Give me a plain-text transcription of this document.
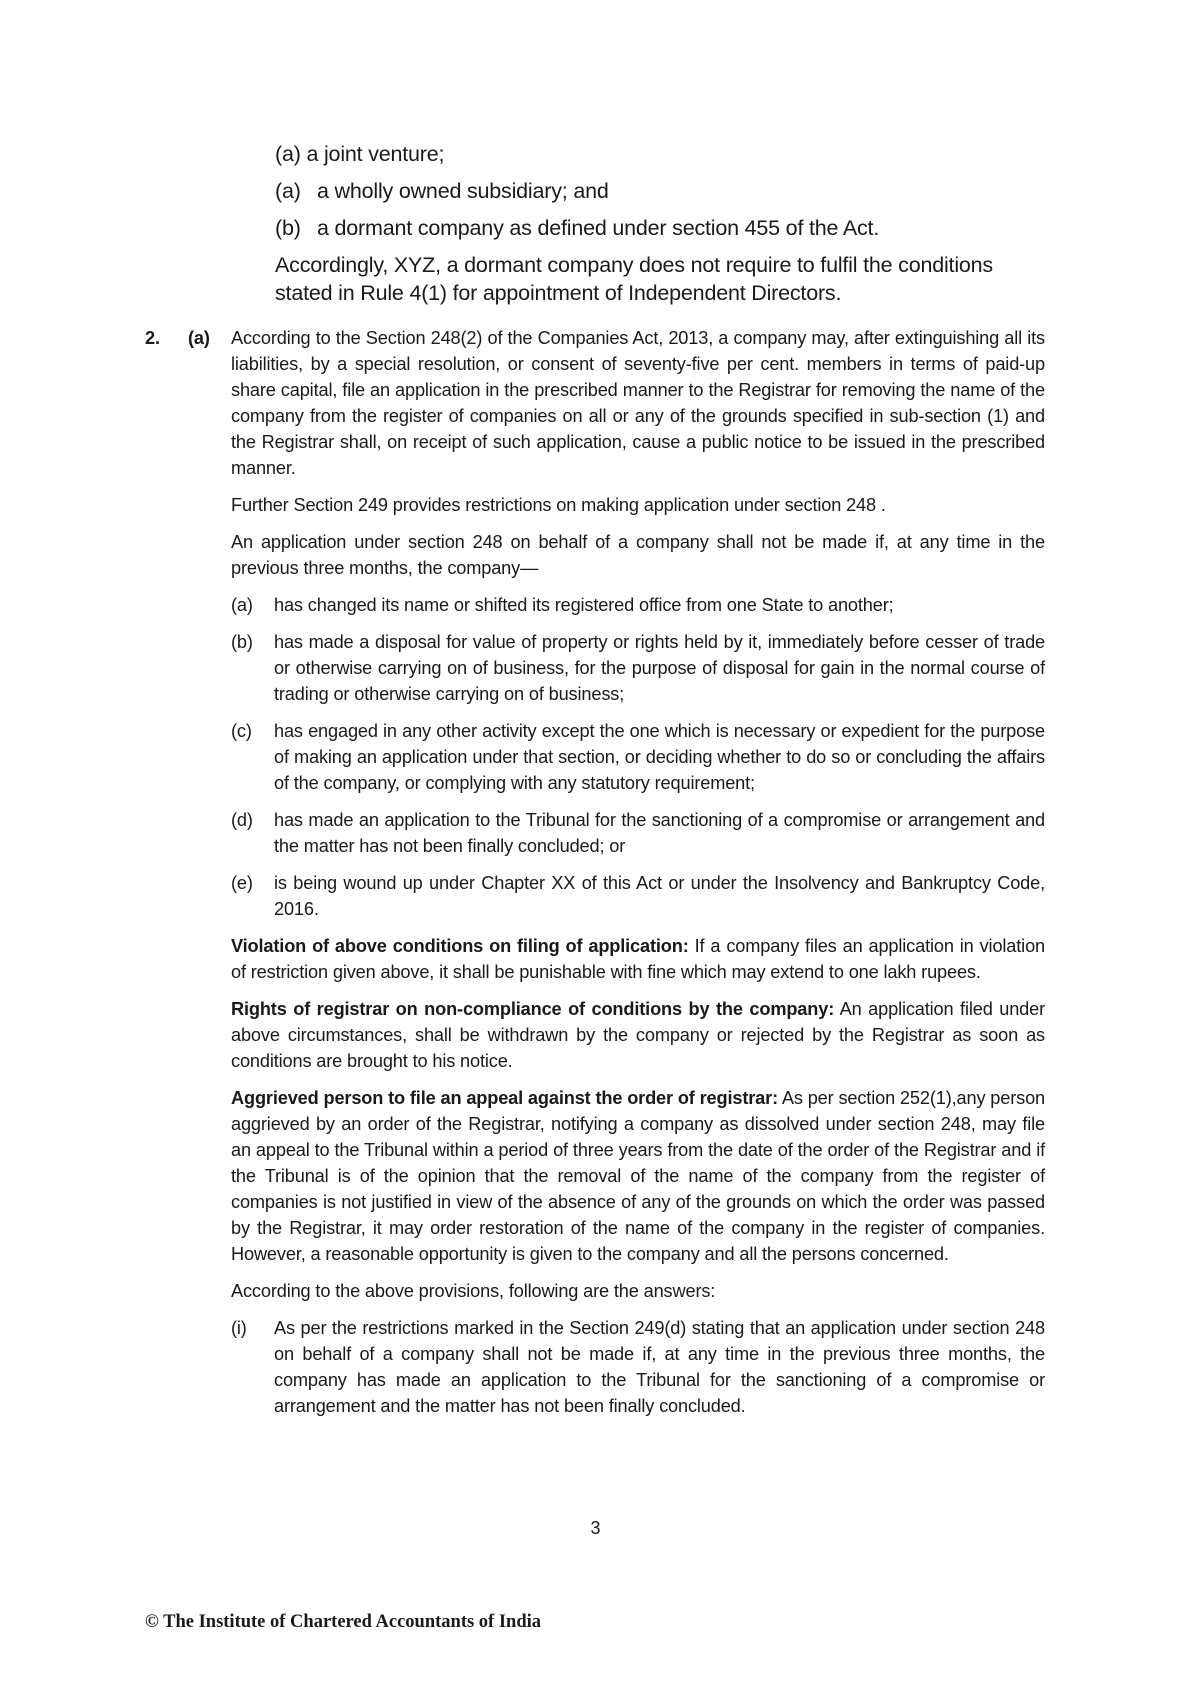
(a) a joint venture;

(a) a wholly owned subsidiary; and
(b) a dormant company as defined under section 455 of the Act.

Accordingly, XYZ, a dormant company does not require to fulfil the conditions stated in Rule 4(1) for appointment of Independent Directors.

2.	(a)	According to the Section 248(2) of the Companies Act, 2013, a company may, after extinguishing all its liabilities, by a special resolution, or consent of seventy-five per cent. members in terms of paid-up share capital, file an application in the prescribed manner to the Registrar for removing the name of the company from the register of companies on all or any of the grounds specified in sub-section (1) and the Registrar shall, on receipt of such application, cause a public notice to be issued in the prescribed manner.

Further Section 249 provides restrictions on making application under section 248 .

An application under section 248 on behalf of a company shall not be made if, at any time in the previous three months, the company—

(a)	has changed its name or shifted its registered office from one State to another;
(b)	has made a disposal for value of property or rights held by it, immediately before cesser of trade or otherwise carrying on of business, for the purpose of disposal for gain in the normal course of trading or otherwise carrying on of business;
(c)	has engaged in any other activity except the one which is necessary or expedient for the purpose of making an application under that section, or deciding whether to do so or concluding the affairs of the company, or complying with any statutory requirement;
(d)	has made an application to the Tribunal for the sanctioning of a compromise or arrangement and the matter has not been finally concluded; or
(e)	is being wound up under Chapter XX of this Act or under the Insolvency and Bankruptcy Code, 2016.

Violation of above conditions on filing of application: If a company files an application in violation of restriction given above, it shall be punishable with fine which may extend to one lakh rupees.

Rights of registrar on non-compliance of conditions by the company: An application filed under above circumstances, shall be withdrawn by the company or rejected by the Registrar as soon as conditions are brought to his notice.

Aggrieved person to file an appeal against the order of registrar: As per section 252(1),any person aggrieved by an order of the Registrar, notifying a company as dissolved under section 248, may file an appeal to the Tribunal within a period of three years from the date of the order of the Registrar and if the Tribunal is of the opinion that the removal of the name of the company from the register of companies is not justified in view of the absence of any of the grounds on which the order was passed by the Registrar, it may order restoration of the name of the company in the register of companies. However, a reasonable opportunity is given to the company and all the persons concerned.

According to the above provisions, following are the answers:

(i)	As per the restrictions marked in the Section 249(d) stating that an application under section 248 on behalf of a company shall not be made if, at any time in the previous three months, the company has made an application to the Tribunal for the sanctioning of a compromise or arrangement and the matter has not been finally concluded.
3
© The Institute of Chartered Accountants of India
